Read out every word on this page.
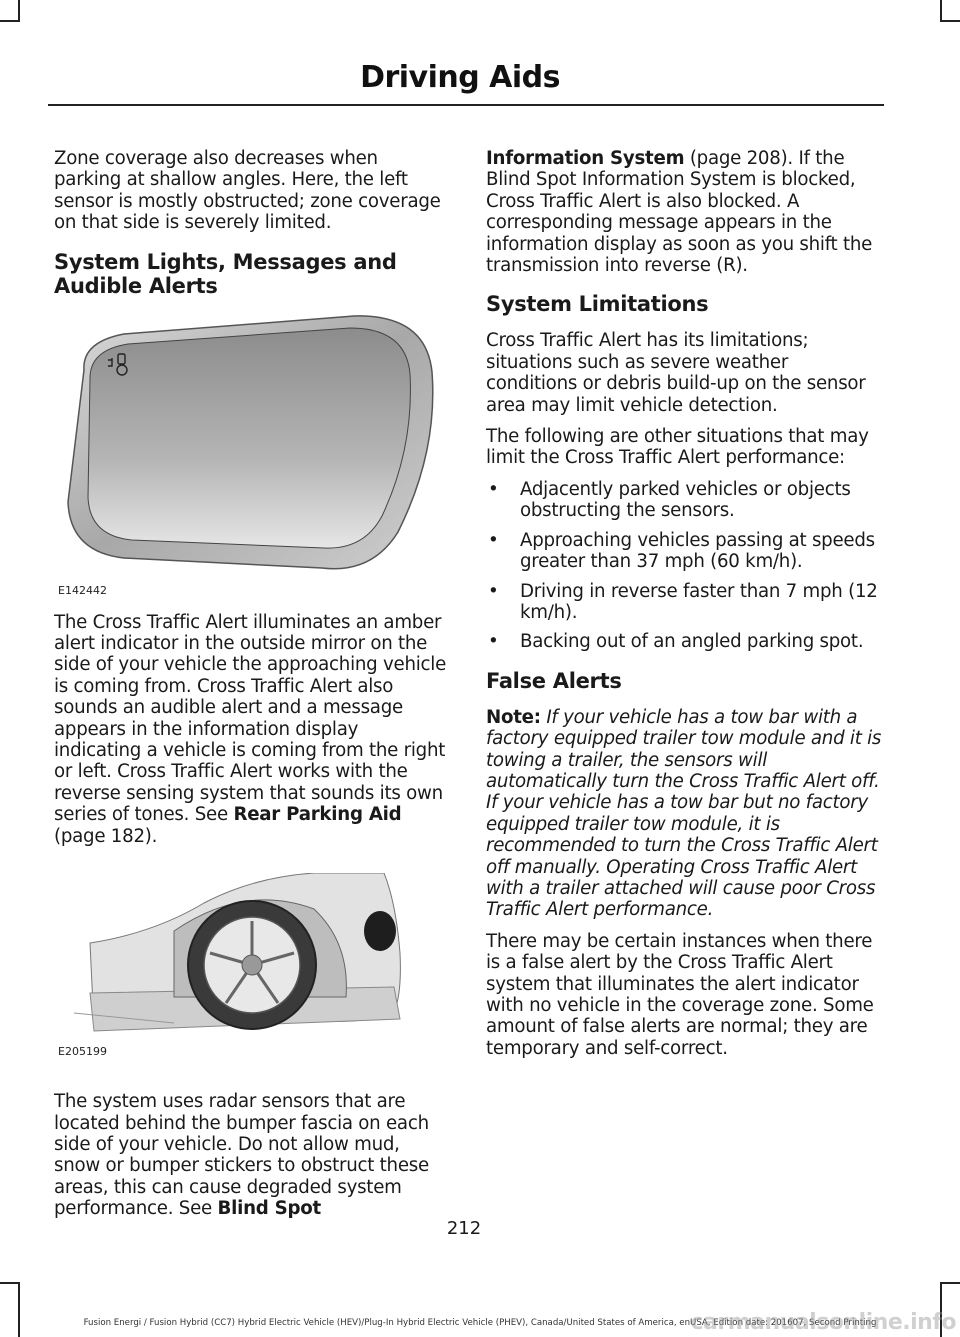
Driving Aids

Zone coverage also decreases when parking at shallow angles. Here, the left sensor is mostly obstructed; zone coverage on that side is severely limited.

System Lights, Messages and Audible Alerts
E142442

The Cross Traffic Alert illuminates an amber alert indicator in the outside mirror on the side of your vehicle the approaching vehicle is coming from. Cross Traffic Alert also sounds an audible alert and a message appears in the information display indicating a vehicle is coming from the right or left. Cross Traffic Alert works with the reverse sensing system that sounds its own series of tones. See Rear Parking Aid (page 182).

E205199

The system uses radar sensors that are located behind the bumper fascia on each side of your vehicle. Do not allow mud, snow or bumper stickers to obstruct these areas, this can cause degraded system performance. See Blind Spot

Information System (page 208). If the Blind Spot Information System is blocked, Cross Traffic Alert is also blocked. A corresponding message appears in the information display as soon as you shift the transmission into reverse (R).

System Limitations

Cross Traffic Alert has its limitations; situations such as severe weather conditions or debris build-up on the sensor area may limit vehicle detection.

The following are other situations that may limit the Cross Traffic Alert performance:

• Adjacently parked vehicles or objects obstructing the sensors.
• Approaching vehicles passing at speeds greater than 37 mph (60 km/h).
• Driving in reverse faster than 7 mph (12 km/h).
• Backing out of an angled parking spot.
False Alerts

Note: If your vehicle has a tow bar with a factory equipped trailer tow module and it is towing a trailer, the sensors will automatically turn the Cross Traffic Alert off. If your vehicle has a tow bar but no factory equipped trailer tow module, it is recommended to turn the Cross Traffic Alert off manually. Operating Cross Traffic Alert with a trailer attached will cause poor Cross Traffic Alert performance.

There may be certain instances when there is a false alert by the Cross Traffic Alert system that illuminates the alert indicator with no vehicle in the coverage zone. Some amount of false alerts are normal; they are temporary and self-correct.

212
Fusion Energi / Fusion Hybrid (CC7) Hybrid Electric Vehicle (HEV)/Plug-In Hybrid Electric Vehicle (PHEV), Canada/United States of America, enUSA, Edition date: 201607, Second Printing
carmanualsonline.info
